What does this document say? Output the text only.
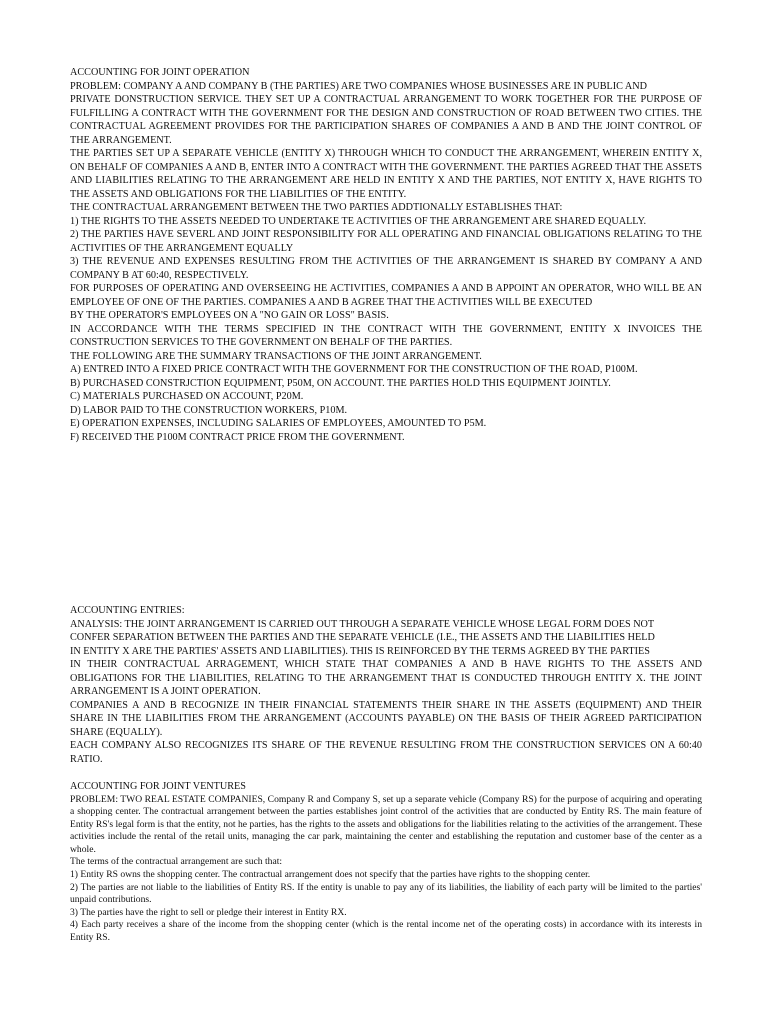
ACCOUNTING FOR JOINT OPERATION

PROBLEM: COMPANY A AND COMPANY B (THE PARTIES) ARE TWO COMPANIES WHOSE BUSINESSES ARE IN PUBLIC AND

PRIVATE DONSTRUCTION SERVICE. THEY SET UP A CONTRACTUAL ARRANGEMENT TO WORK TOGETHER FOR THE PURPOSE OF FULFILLING A CONTRACT WITH THE GOVERNMENT FOR THE DESIGN AND CONSTRUCTION OF ROAD BETWEEN TWO CITIES. THE CONTRACTUAL AGREEMENT PROVIDES FOR THE PARTICIPATION SHARES OF COMPANIES A AND B AND THE JOINT CONTROL OF THE ARRANGEMENT.

THE PARTIES SET UP A SEPARATE VEHICLE (ENTITY X) THROUGH WHICH TO CONDUCT THE ARRANGEMENT, WHEREIN ENTITY X, ON BEHALF OF COMPANIES A AND B, ENTER INTO A CONTRACT WITH THE GOVERNMENT. THE PARTIES AGREED THAT THE ASSETS AND LIABILITIES RELATING TO THE ARRANGEMENT ARE HELD IN ENTITY X AND THE PARTIES, NOT ENTITY X, HAVE RIGHTS TO THE ASSETS AND OBLIGATIONS FOR THE LIABILITIES OF THE ENTITY.

THE CONTRACTUAL ARRANGEMENT BETWEEN THE TWO PARTIES ADDTIONALLY ESTABLISHES THAT:

1) THE RIGHTS TO THE ASSETS NEEDED TO UNDERTAKE TE ACTIVITIES OF THE ARRANGEMENT ARE SHARED EQUALLY.

2) THE PARTIES HAVE SEVERL AND JOINT RESPONSIBILITY FOR ALL OPERATING AND FINANCIAL OBLIGATIONS RELATING TO THE ACTIVITIES OF THE ARRANGEMENT EQUALLY

3) THE REVENUE AND EXPENSES RESULTING FROM THE ACTIVITIES OF THE ARRANGEMENT IS SHARED BY COMPANY A AND COMPANY B AT 60:40, RESPECTIVELY.

FOR PURPOSES OF OPERATING AND OVERSEEING HE ACTIVITIES, COMPANIES A AND B APPOINT AN OPERATOR, WHO WILL BE AN EMPLOYEE OF ONE OF THE PARTIES. COMPANIES A AND B AGREE THAT THE ACTIVITIES WILL BE EXECUTED

BY THE OPERATOR'S EMPLOYEES ON A "NO GAIN OR LOSS" BASIS.

IN ACCORDANCE WITH THE TERMS SPECIFIED IN THE CONTRACT WITH THE GOVERNMENT, ENTITY X INVOICES THE CONSTRUCTION SERVICES TO THE GOVERNMENT ON BEHALF OF THE PARTIES.

THE FOLLOWING ARE THE SUMMARY TRANSACTIONS OF THE JOINT ARRANGEMENT.

A) ENTRED INTO A FIXED PRICE CONTRACT WITH THE GOVERNMENT FOR THE CONSTRUCTION OF THE ROAD, P100M.

B) PURCHASED CONSTRJCTION EQUIPMENT, P50M, ON ACCOUNT. THE PARTIES HOLD THIS EQUIPMENT JOINTLY.

C) MATERIALS PURCHASED ON ACCOUNT, P20M.

D) LABOR PAID TO THE CONSTRUCTION WORKERS, P10M.

E) OPERATION EXPENSES, INCLUDING SALARIES OF EMPLOYEES, AMOUNTED TO P5M.

F) RECEIVED THE P100M CONTRACT PRICE FROM THE GOVERNMENT.

ACCOUNTING ENTRIES:

ANALYSIS: THE JOINT ARRANGEMENT IS CARRIED OUT THROUGH A SEPARATE VEHICLE WHOSE LEGAL FORM DOES NOT

CONFER SEPARATION BETWEEN THE PARTIES AND THE SEPARATE VEHICLE (I.E., THE ASSETS AND THE LIABILITIES HELD

IN ENTITY X ARE THE PARTIES' ASSETS AND LIABILITIES). THIS IS REINFORCED BY THE TERMS AGREED BY THE PARTIES

IN THEIR CONTRACTUAL ARRAGEMENT, WHICH STATE THAT COMPANIES A AND B HAVE RIGHTS TO THE ASSETS AND OBLIGATIONS FOR THE LIABILITIES, RELATING TO THE ARRANGEMENT THAT IS CONDUCTED THROUGH ENTITY X. THE JOINT ARRANGEMENT IS A JOINT OPERATION.

COMPANIES A AND B RECOGNIZE IN THEIR FINANCIAL STATEMENTS THEIR SHARE IN THE ASSETS (EQUIPMENT) AND THEIR SHARE IN THE LIABILITIES FROM THE ARRANGEMENT (ACCOUNTS PAYABLE) ON THE BASIS OF THEIR AGREED PARTICIPATION SHARE (EQUALLY).

EACH COMPANY ALSO RECOGNIZES ITS SHARE OF THE REVENUE RESULTING FROM THE CONSTRUCTION SERVICES ON A 60:40 RATIO.

ACCOUNTING FOR JOINT VENTURES

PROBLEM: TWO REAL ESTATE COMPANIES, Company R and Company S, set up a separate vehicle (Company RS) for the purpose of acquiring and operating a shopping center. The contractual arrangement between the parties establishes joint control of the activities that are conducted by Entity RS. The main feature of Entity RS's legal form is that the entity, not he parties, has the rights to the assets and obligations for the liabilities relating to the activities of the arrangement. These activities include the rental of the retail units, managing the car park, maintaining the center and establishing the reputation and customer base of the center as a whole.

The terms of the contractual arrangement are such that:

1) Entity RS owns the shopping center. The contractual arrangement does not specify that the parties have rights to the shopping center.

2) The parties are not liable to the liabilities of Entity RS. If the entity is unable to pay any of its liabilities, the liability of each party will be limited to the parties' unpaid contributions.

3) The parties have the right to sell or pledge their interest in Entity RX.

4) Each party receives a share of the income from the shopping center (which is the rental income net of the operating costs) in accordance with its interests in Entity RS.
